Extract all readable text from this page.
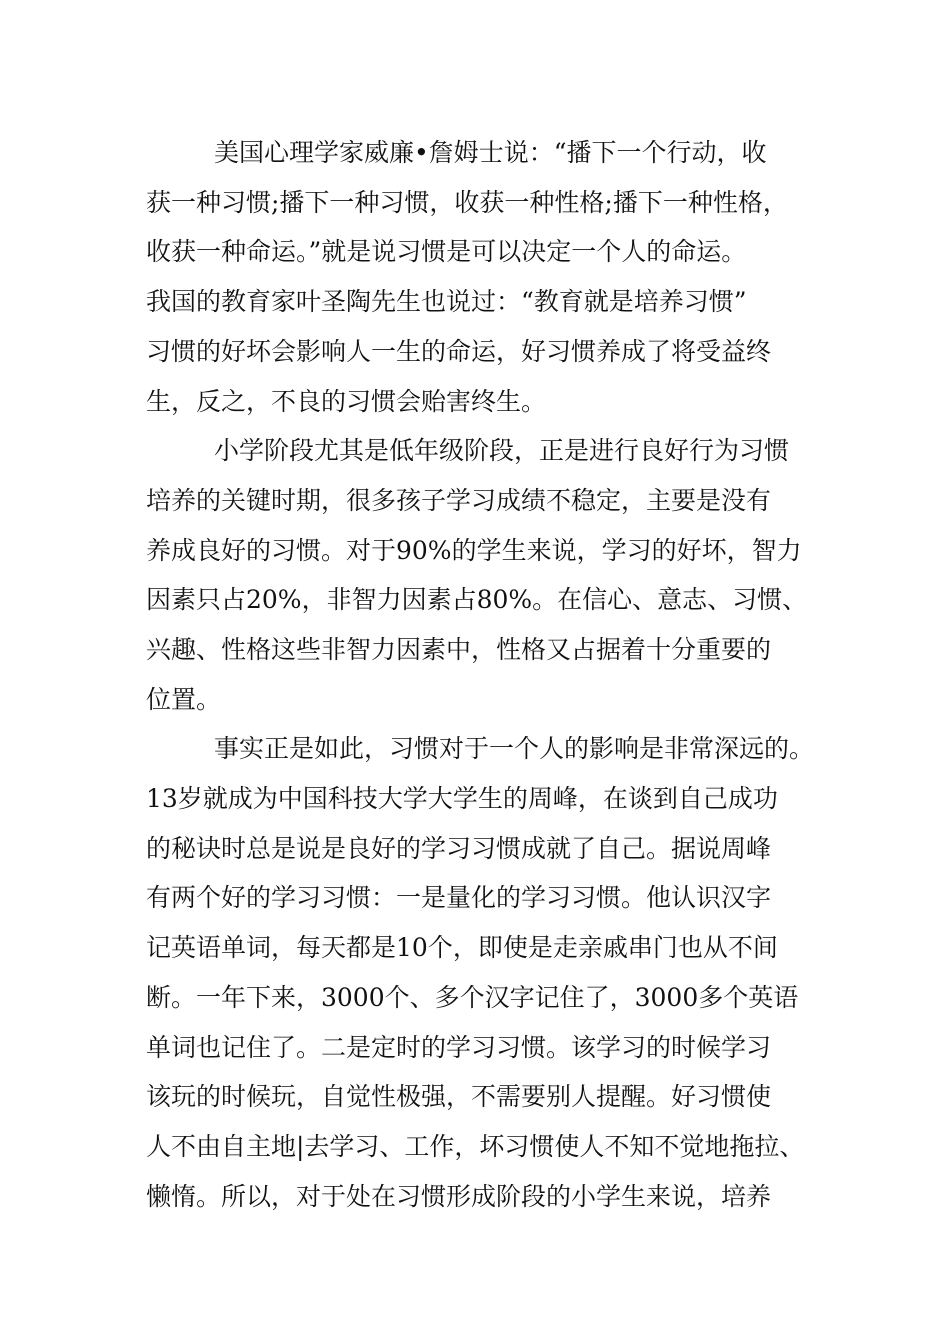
美国心理学家威廉•詹姆士说：“播下一个行动，收
获一种习惯;播下一种习惯，收获一种性格;播下一种性格，
收获一种命运。”就是说习惯是可以决定一个人的命运。
我国的教育家叶圣陶先生也说过：“教育就是培养习惯”
习惯的好坏会影响人一生的命运，好习惯养成了将受益终
生，反之，不良的习惯会贻害终生。
小学阶段尤其是低年级阶段，正是进行良好行为习惯
培养的关键时期，很多孩子学习成绩不稳定，主要是没有
养成良好的习惯。对于90%的学生来说，学习的好坏，智力
因素只占20%，非智力因素占80%。在信心、意志、习惯、
兴趣、性格这些非智力因素中，性格又占据着十分重要的
位置。
事实正是如此，习惯对于一个人的影响是非常深远的。
13岁就成为中国科技大学大学生的周峰，在谈到自己成功
的秘诀时总是说是良好的学习习惯成就了自己。据说周峰
有两个好的学习习惯：一是量化的学习习惯。他认识汉字
记英语单词，每天都是10个，即使是走亲戚串门也从不间
断。一年下来，3000个、多个汉字记住了，3000多个英语
单词也记住了。二是定时的学习习惯。该学习的时候学习
该玩的时候玩，自觉性极强，不需要别人提醒。好习惯使
人不由自主地|去学习、工作，坏习惯使人不知不觉地拖拉、
懒惰。所以，对于处在习惯形成阶段的小学生来说，培养
